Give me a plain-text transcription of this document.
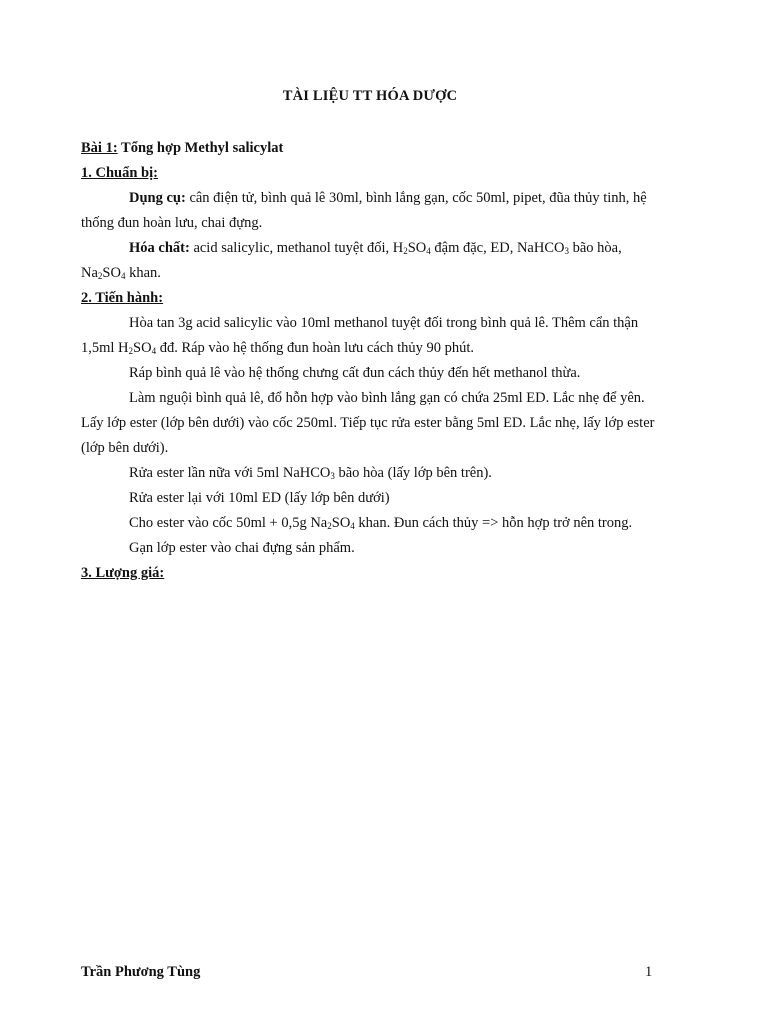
TÀI LIỆU TT HÓA DƯỢC

Bài 1: Tổng hợp Methyl salicylat

1. Chuẩn bị:

Dụng cụ: cân điện tử, bình quả lê 30ml, bình lắng gạn, cốc 50ml, pipet, đũa thủy tinh, hệ thống đun hoàn lưu, chai đựng.

Hóa chất: acid salicylic, methanol tuyệt đối, $H_2SO_4$ đậm đặc, ED, NaHCO$_3$ bão hòa, $Na_2SO_4$ khan.

2. Tiến hành:

Hòa tan 3g acid salicylic vào 10ml methanol tuyệt đối trong bình quả lê. Thêm cẩn thận 1,5ml $H_2SO_4$ đđ. Ráp vào hệ thống đun hoàn lưu cách thủy 90 phút.

Ráp bình quả lê vào hệ thống chưng cất đun cách thủy đến hết methanol thừa.

Làm nguội bình quả lê, đổ hỗn hợp vào bình lắng gạn có chứa 25ml ED. Lắc nhẹ để yên. Lấy lớp ester (lớp bên dưới) vào cốc 250ml. Tiếp tục rửa ester bằng 5ml ED. Lắc nhẹ, lấy lớp ester (lớp bên dưới).

Rửa ester lần nữa với 5ml NaHCO$_3$ bão hòa (lấy lớp bên trên).

Rửa ester lại với 10ml ED (lấy lớp bên dưới)

Cho ester vào cốc 50ml + 0,5g $Na_2SO_4$ khan. Đun cách thủy => hỗn hợp trở nên trong.

Gạn lớp ester vào chai đựng sản phẩm.

3. Lượng giá:

Trần Phương Tùng	1
